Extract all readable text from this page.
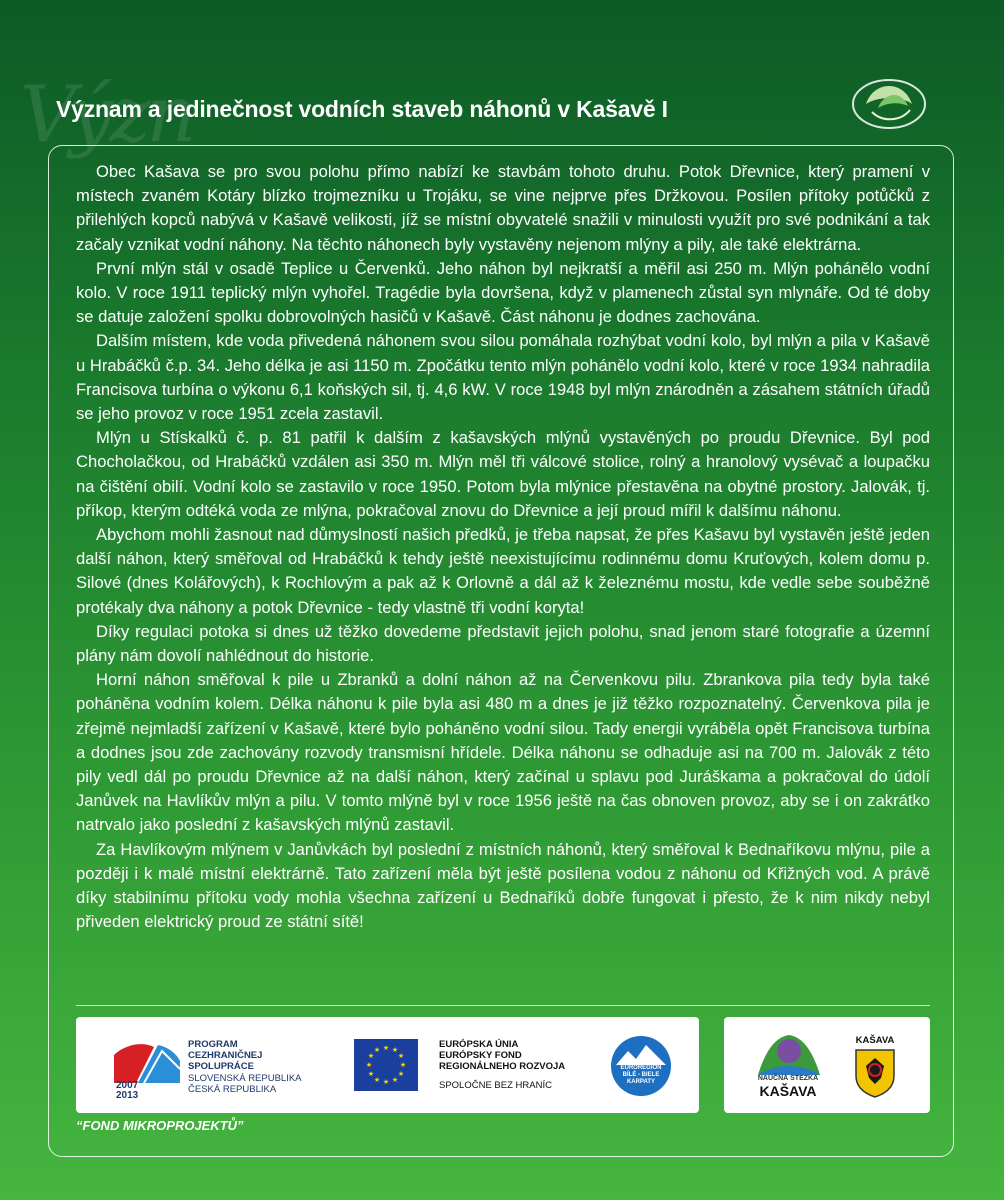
Význ
Význam a jedinečnost vodních staveb náhonů v Kašavě I

Obec Kašava se pro svou polohu přímo nabízí ke stavbám tohoto druhu. Potok Dřevnice, který pramení v místech zvaném Kotáry blízko trojmezníku u Trojáku, se vine nejprve přes Držkovou. Posílen přítoky potůčků z přilehlých kopců nabývá v Kašavě velikosti, jíž se místní obyvatelé snažili v minulosti využít pro své podnikání a tak začaly vznikat vodní náhony. Na těchto náhonech byly vystavěny nejenom mlýny a pily, ale také elektrárna.

První mlýn stál v osadě Teplice u Červenků. Jeho náhon byl nejkratší a měřil asi 250 m. Mlýn pohánělo vodní kolo. V roce 1911 teplický mlýn vyhořel. Tragédie byla dovršena, když v plamenech zůstal syn mlynáře. Od té doby se datuje založení spolku dobrovolných hasičů v Kašavě. Část náhonu je dodnes zachována.

Dalším místem, kde voda přivedená náhonem svou silou pomáhala rozhýbat vodní kolo, byl mlýn a pila v Kašavě u Hrabáčků č.p. 34. Jeho délka je asi 1150 m. Zpočátku tento mlýn pohánělo vodní kolo, které v roce 1934 nahradila Francisova turbína o výkonu 6,1 koňských sil, tj. 4,6 kW. V roce 1948 byl mlýn znárodněn a zásahem státních úřadů se jeho provoz v roce 1951 zcela zastavil.

Mlýn u Stískalků č. p. 81 patřil k dalším z kašavských mlýnů vystavěných po proudu Dřevnice. Byl pod Chocholačkou, od Hrabáčků vzdálen asi 350 m. Mlýn měl tři válcové stolice, rolný a hranolový vysévač a loupačku na čištění obilí. Vodní kolo se zastavilo v roce 1950. Potom byla mlýnice přestavěna na obytné prostory. Jalovák, tj. příkop, kterým odtéká voda ze mlýna, pokračoval znovu do Dřevnice a její proud mířil k dalšímu náhonu.

Abychom mohli žasnout nad důmyslností našich předků, je třeba napsat, že přes Kašavu byl vystavěn ještě jeden další náhon, který směřoval od Hrabáčků k tehdy ještě neexistujícímu rodinnému domu Kruťových, kolem domu p. Silové (dnes Kolářových), k Rochlovým a pak až k Orlovně a dál až k železnému mostu, kde vedle sebe souběžně protékaly dva náhony a potok Dřevnice - tedy vlastně tři vodní koryta!

Díky regulaci potoka si dnes už těžko dovedeme představit jejich polohu, snad jenom staré fotografie a územní plány nám dovolí nahlédnout do historie.

Horní náhon směřoval k pile u Zbranků a dolní náhon až na Červenkovu pilu. Zbrankova pila tedy byla také poháněna vodním kolem. Délka náhonu k pile byla asi 480 m a dnes je již těžko rozpoznatelný. Červenkova pila je zřejmě nejmladší zařízení v Kašavě, které bylo poháněno vodní silou. Tady energii vyráběla opět Francisova turbína a dodnes jsou zde zachovány rozvody transmisní hřídele. Délka náhonu se odhaduje asi na 700 m. Jalovák z této pily vedl dál po proudu Dřevnice až na další náhon, který začínal u splavu pod Juráškama a pokračoval do údolí Janůvek na Havlíkův mlýn a pilu. V tomto mlýně byl v roce 1956 ještě na čas obnoven provoz, aby se i on zakrátko natrvalo jako poslední z kašavských mlýnů zastavil.

Za Havlíkovým mlýnem v Janůvkách byl poslední z místních náhonů, který směřoval k Bednaříkovu mlýnu, pile a později i k malé místní elektrárně. Tato zařízení měla být ještě posílena vodou z náhonu od Křižných vod. A právě díky stabilnímu přítoku vody mohla všechna zařízení u Bednaříků dobře fungovat i přesto, že k nim nikdy nebyl přiveden elektrický proud ze státní sítě!

2007
2013
PROGRAM
CEZHRANIČNEJ
SPOLUPRÁCE
SLOVENSKÁ REPUBLIKA
ČESKÁ REPUBLIKA
★ ★
★
★
★
★
★
★
★
★
★
★	EURÓPSKA ÚNIA
EURÓPSKY FOND
REGIONÁLNEHO ROZVOJA
SPOLOČNE BEZ HRANÍC
EUROREGION
BÍLÉ - BIELE
KARPATY	NAUČNÁ STEZKA
KAŠAVA
KAŠAVA
“FOND MIKROPROJEKTŮ”
